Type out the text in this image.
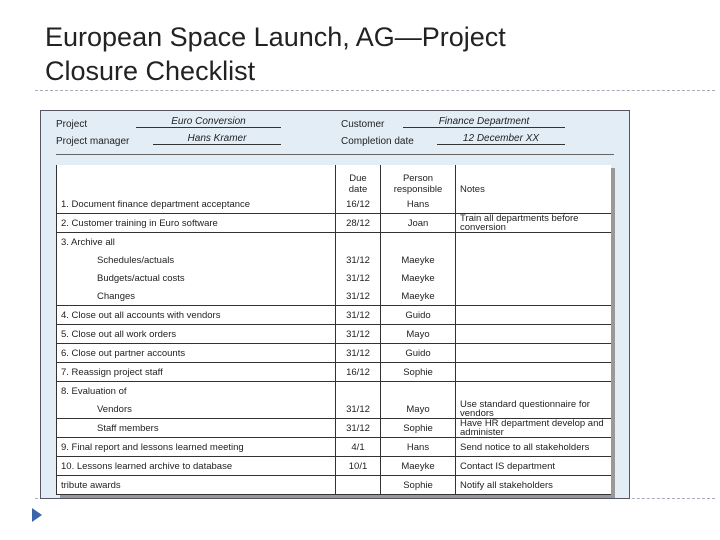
European Space Launch, AG—Project
Closure Checklist
Project	Euro Conversion	Customer	Finance Department
Project manager	Hans Kramer	Completion date	12 December XX
	Due date	Person responsible	Notes
1. Document finance department acceptance	16/12	Hans	
2. Customer training in Euro software	28/12	Joan	Train all departments before conversion
3. Archive all			
Schedules/actuals	31/12	Maeyke	
Budgets/actual costs	31/12	Maeyke	
Changes	31/12	Maeyke	
4. Close out all accounts with vendors	31/12	Guido	
5. Close out all work orders	31/12	Mayo	
6. Close out partner accounts	31/12	Guido	
7. Reassign project staff	16/12	Sophie	
8. Evaluation of			
Vendors	31/12	Mayo	Use standard questionnaire for vendors
Staff members	31/12	Sophie	Have HR department develop and administer
9. Final report and lessons learned meeting	4/1	Hans	Send notice to all stakeholders
10. Lessons learned archive to database	10/1	Maeyke	Contact IS department
tribute awards		Sophie	Notify all stakeholders
